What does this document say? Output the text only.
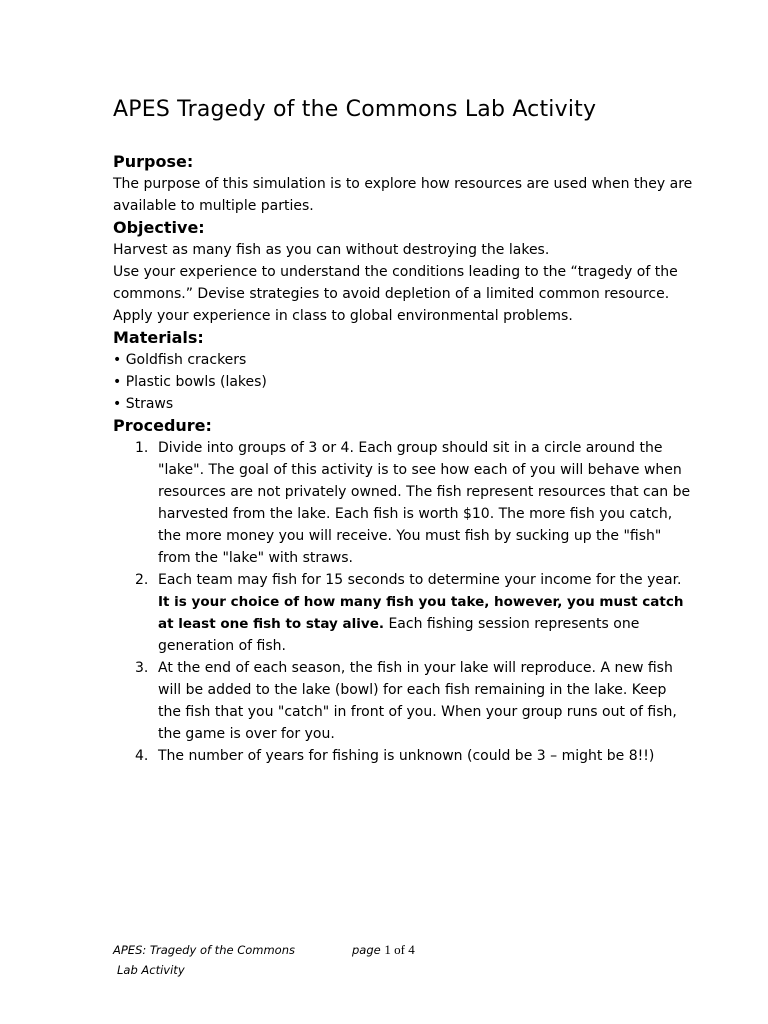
APES Tragedy of the Commons Lab Activity
Purpose:

The purpose of this simulation is to explore how resources are used when they are available to multiple parties.

Objective:

Harvest as many fish as you can without destroying the lakes.

Use your experience to understand the conditions leading to the “tragedy of the commons.” Devise strategies to avoid depletion of a limited common resource. Apply your experience in class to global environmental problems.

Materials:
• Goldfish crackers
• Plastic bowls (lakes)
• Straws
Procedure:
1. Divide into groups of 3 or 4. Each group should sit in a circle around the "lake". The goal of this activity is to see how each of you will behave when resources are not privately owned. The fish represent resources that can be harvested from the lake. Each fish is worth $10. The more fish you catch, the more money you will receive. You must fish by sucking up the "fish" from the "lake" with straws.
2. Each team may fish for 15 seconds to determine your income for the year. It is your choice of how many fish you take, however, you must catch at least one fish to stay alive. Each fishing session represents one generation of fish.
3. At the end of each season, the fish in your lake will reproduce. A new fish will be added to the lake (bowl) for each fish remaining in the lake. Keep the fish that you "catch" in front of you. When your group runs out of fish, the game is over for you.
4. The number of years for fishing is unknown (could be 3 – might be 8!!)
APES: Tragedy of the Commons
Lab Activity
page 1 of 4
